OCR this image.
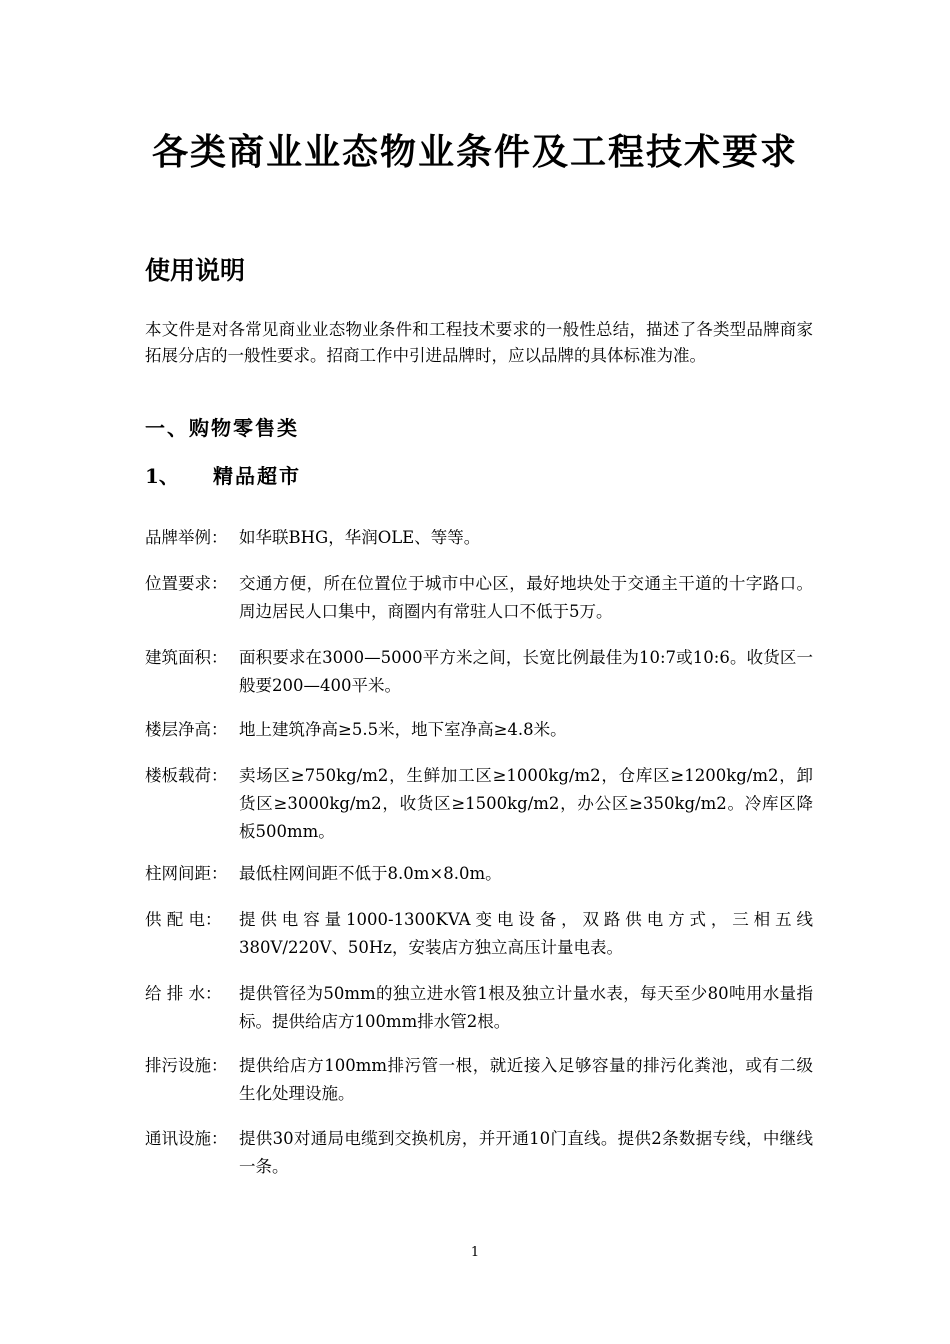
各类商业业态物业条件及工程技术要求
使用说明
本文件是对各常见商业业态物业条件和工程技术要求的一般性总结，描述了各类型品牌商家拓展分店的一般性要求。招商工作中引进品牌时，应以品牌的具体标准为准。
一、购物零售类
1、 精品超市
品牌举例： 如华联BHG，华润OLE、等等。
位置要求： 交通方便，所在位置位于城市中心区，最好地块处于交通主干道的十字路口。周边居民人口集中，商圈内有常驻人口不低于5万。
建筑面积： 面积要求在3000—5000平方米之间，长宽比例最佳为10:7或10:6。收货区一般要200—400平米。
楼层净高： 地上建筑净高≥5.5米，地下室净高≥4.8米。
楼板载荷： 卖场区≥750kg/m2，生鲜加工区≥1000kg/m2，仓库区≥1200kg/m2，卸货区≥3000kg/m2，收货区≥1500kg/m2，办公区≥350kg/m2。冷库区降板500mm。
柱网间距： 最低柱网间距不低于8.0m×8.0m。
供 配 电： 提供电容量1000-1300KVA变电设备，双路供电方式，三相五线380V/220V、50Hz，安装店方独立高压计量电表。
给 排 水： 提供管径为50mm的独立进水管1根及独立计量水表，每天至少80吨用水量指标。提供给店方100mm排水管2根。
排污设施： 提供给店方100mm排污管一根，就近接入足够容量的排污化粪池，或有二级生化处理设施。
通讯设施： 提供30对通局电缆到交换机房，并开通10门直线。提供2条数据专线，中继线一条。
1
